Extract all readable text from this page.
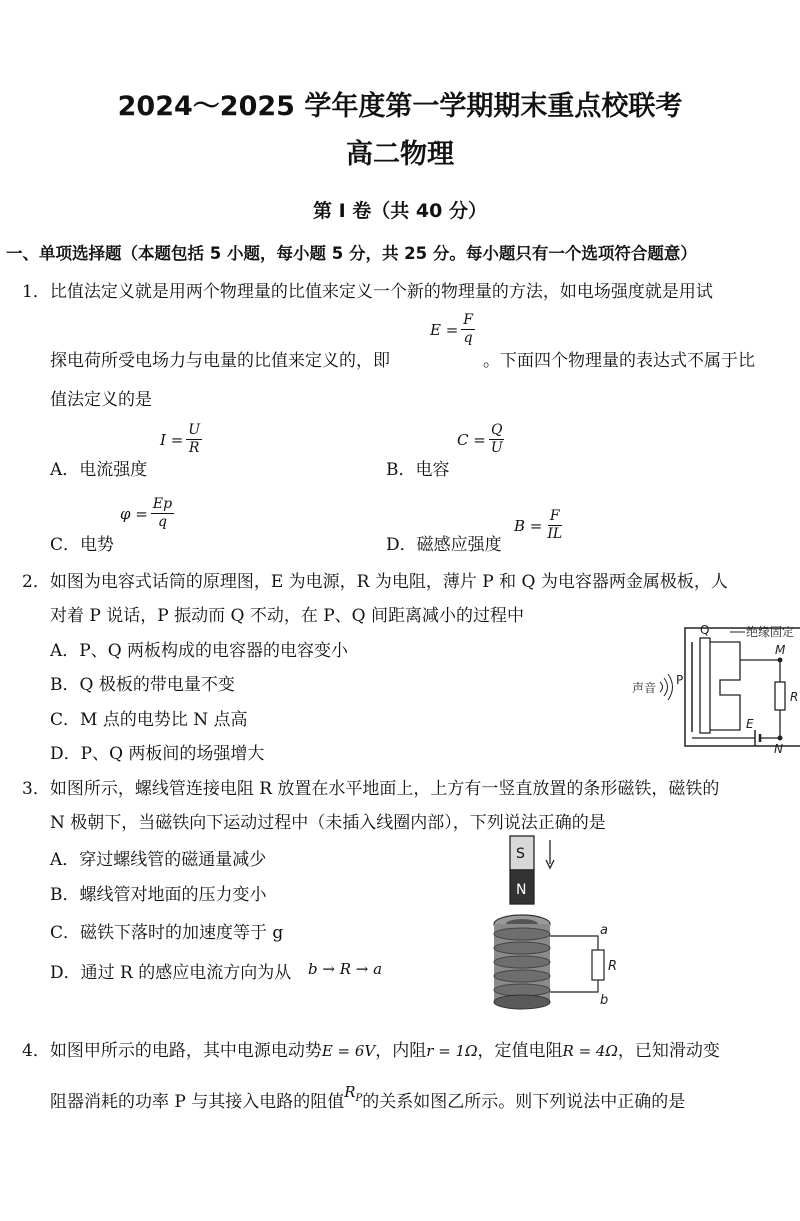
2024～2025 学年度第一学期期末重点校联考
高二物理
第 Ⅰ 卷（共 40 分）
一、单项选择题（本题包括 5 小题，每小题 5 分，共 25 分。每小题只有一个选项符合题意）
1．比值法定义就是用两个物理量的比值来定义一个新的物理量的方法，如电场强度就是用试
$E = \frac{F}{q}$
探电荷所受电场力与电量的比值来定义的，即	。下面四个物理量的表达式不属于比
值法定义的是
A．电流强度
$I = \frac{U}{R}$
B．电容
$C = \frac{Q}{U}$
C．电势
$\varphi = \frac{Ep}{q}$
D．磁感应强度
$B = \frac{F}{IL}$
2．如图为电容式话筒的原理图，E 为电源，R 为电阻，薄片 P 和 Q 为电容器两金属极板，人
对着 P 说话，P 振动而 Q 不动，在 P、Q 间距离减小的过程中
A．P、Q 两板构成的电容器的电容变小
B．Q 极板的带电量不变
C．M 点的电势比 N 点高
D．P、Q 两板间的场强增大
绝缘固定
M
R
N
E
P
Q
声音
3．如图所示，螺线管连接电阻 R 放置在水平地面上，上方有一竖直放置的条形磁铁，磁铁的
N 极朝下，当磁铁向下运动过程中（未插入线圈内部），下列说法正确的是
A．穿过螺线管的磁通量减少
B．螺线管对地面的压力变小
C．磁铁下落时的加速度等于 g
D．通过 R 的感应电流方向为从 b → R → a
S
N
a
R
b
4．如图甲所示的电路，其中电源电动势E = 6V，内阻r = 1Ω，定值电阻R = 4Ω，已知滑动变
阻器消耗的功率 P 与其接入电路的阻值$R_P$的关系如图乙所示。则下列说法中正确的是
